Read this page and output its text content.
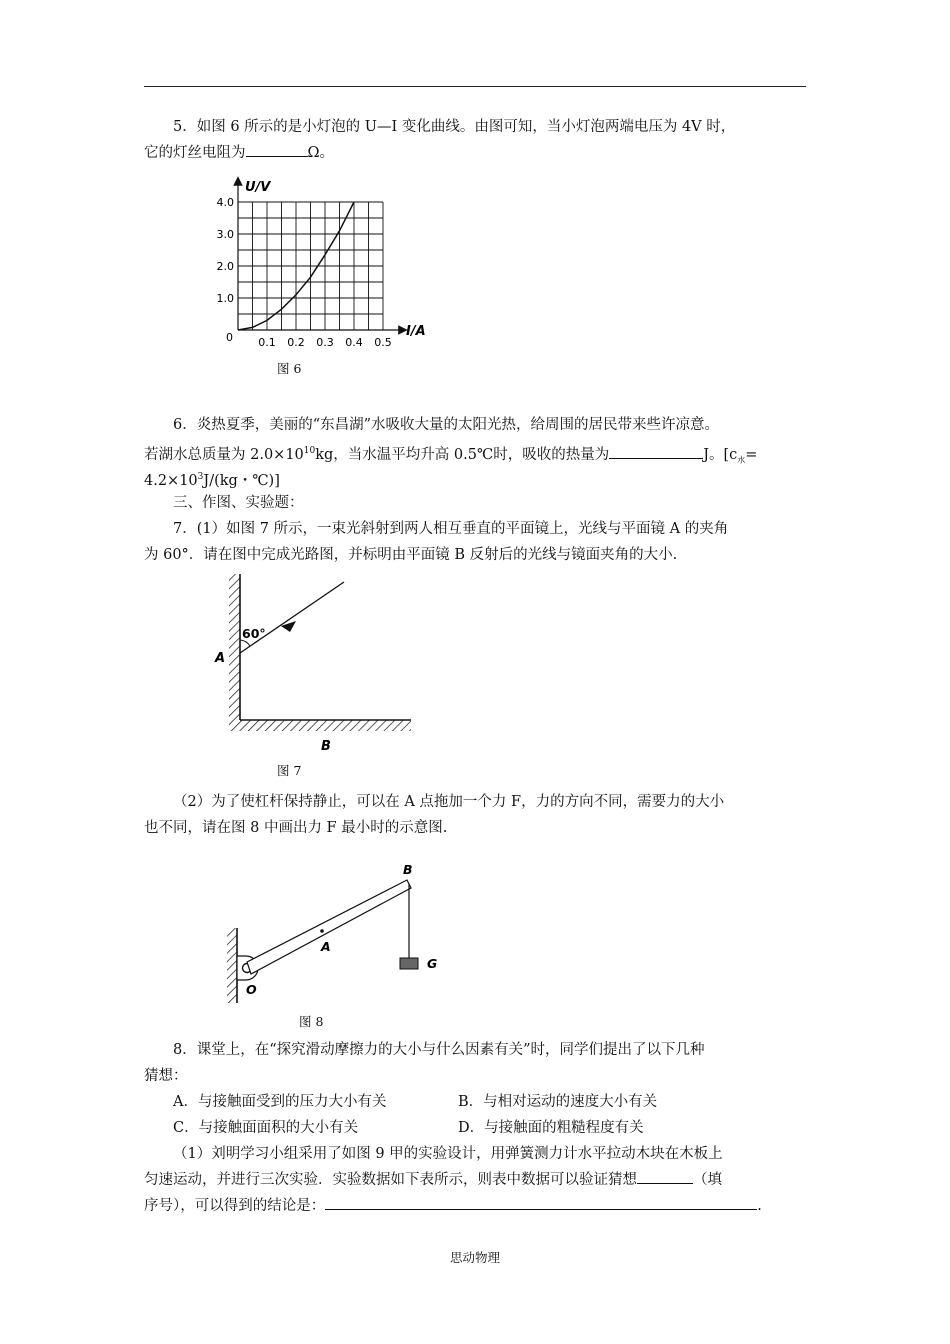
5．如图 6 所示的是小灯泡的 U—I 变化曲线。由图可知，当小灯泡两端电压为 4V 时，
它的灯丝电阻为	Ω。
4.0
3.0
2.0
1.0
0.1 0.2 0.3 0.4 0.5
U/V
I/A
0
图 6
6．炎热夏季，美丽的“东昌湖”水吸收大量的太阳光热，给周围的居民带来些许凉意。
若湖水总质量为 $2.0\times 10^{10}kg$，当水温平均升高 0.5℃时，吸收的热量为	J。[$c_水=$
$4.2\times 10^3J/(kg$・℃)]
三、作图、实验题：
7．(1）如图 7 所示，一束光斜射到两人相互垂直的平面镜上，光线与平面镜 A 的夹角
为 60°．请在图中完成光路图，并标明由平面镜 B 反射后的光线与镜面夹角的大小.
60°
A
B
图 7
（2）为了使杠杆保持静止，可以在 A 点拖加一个力 F，力的方向不同，需要力的大小
也不同，请在图 8 中画出力 F 最小时的示意图.
O
A
B
G
图 8
8．课堂上，在“探究滑动摩擦力的大小与什么因素有关”时，同学们提出了以下几种
猜想：
A．与接触面受到的压力大小有关	B．与相对运动的速度大小有关
C．与接触面面积的大小有关	D．与接触面的粗糙程度有关
（1）刘明学习小组采用了如图 9 甲的实验设计，用弹簧测力计水平拉动木块在木板上
匀速运动，并进行三次实验．实验数据如下表所示，则表中数据可以验证猜想	（填
序号），可以得到的结论是：	.
思动物理
